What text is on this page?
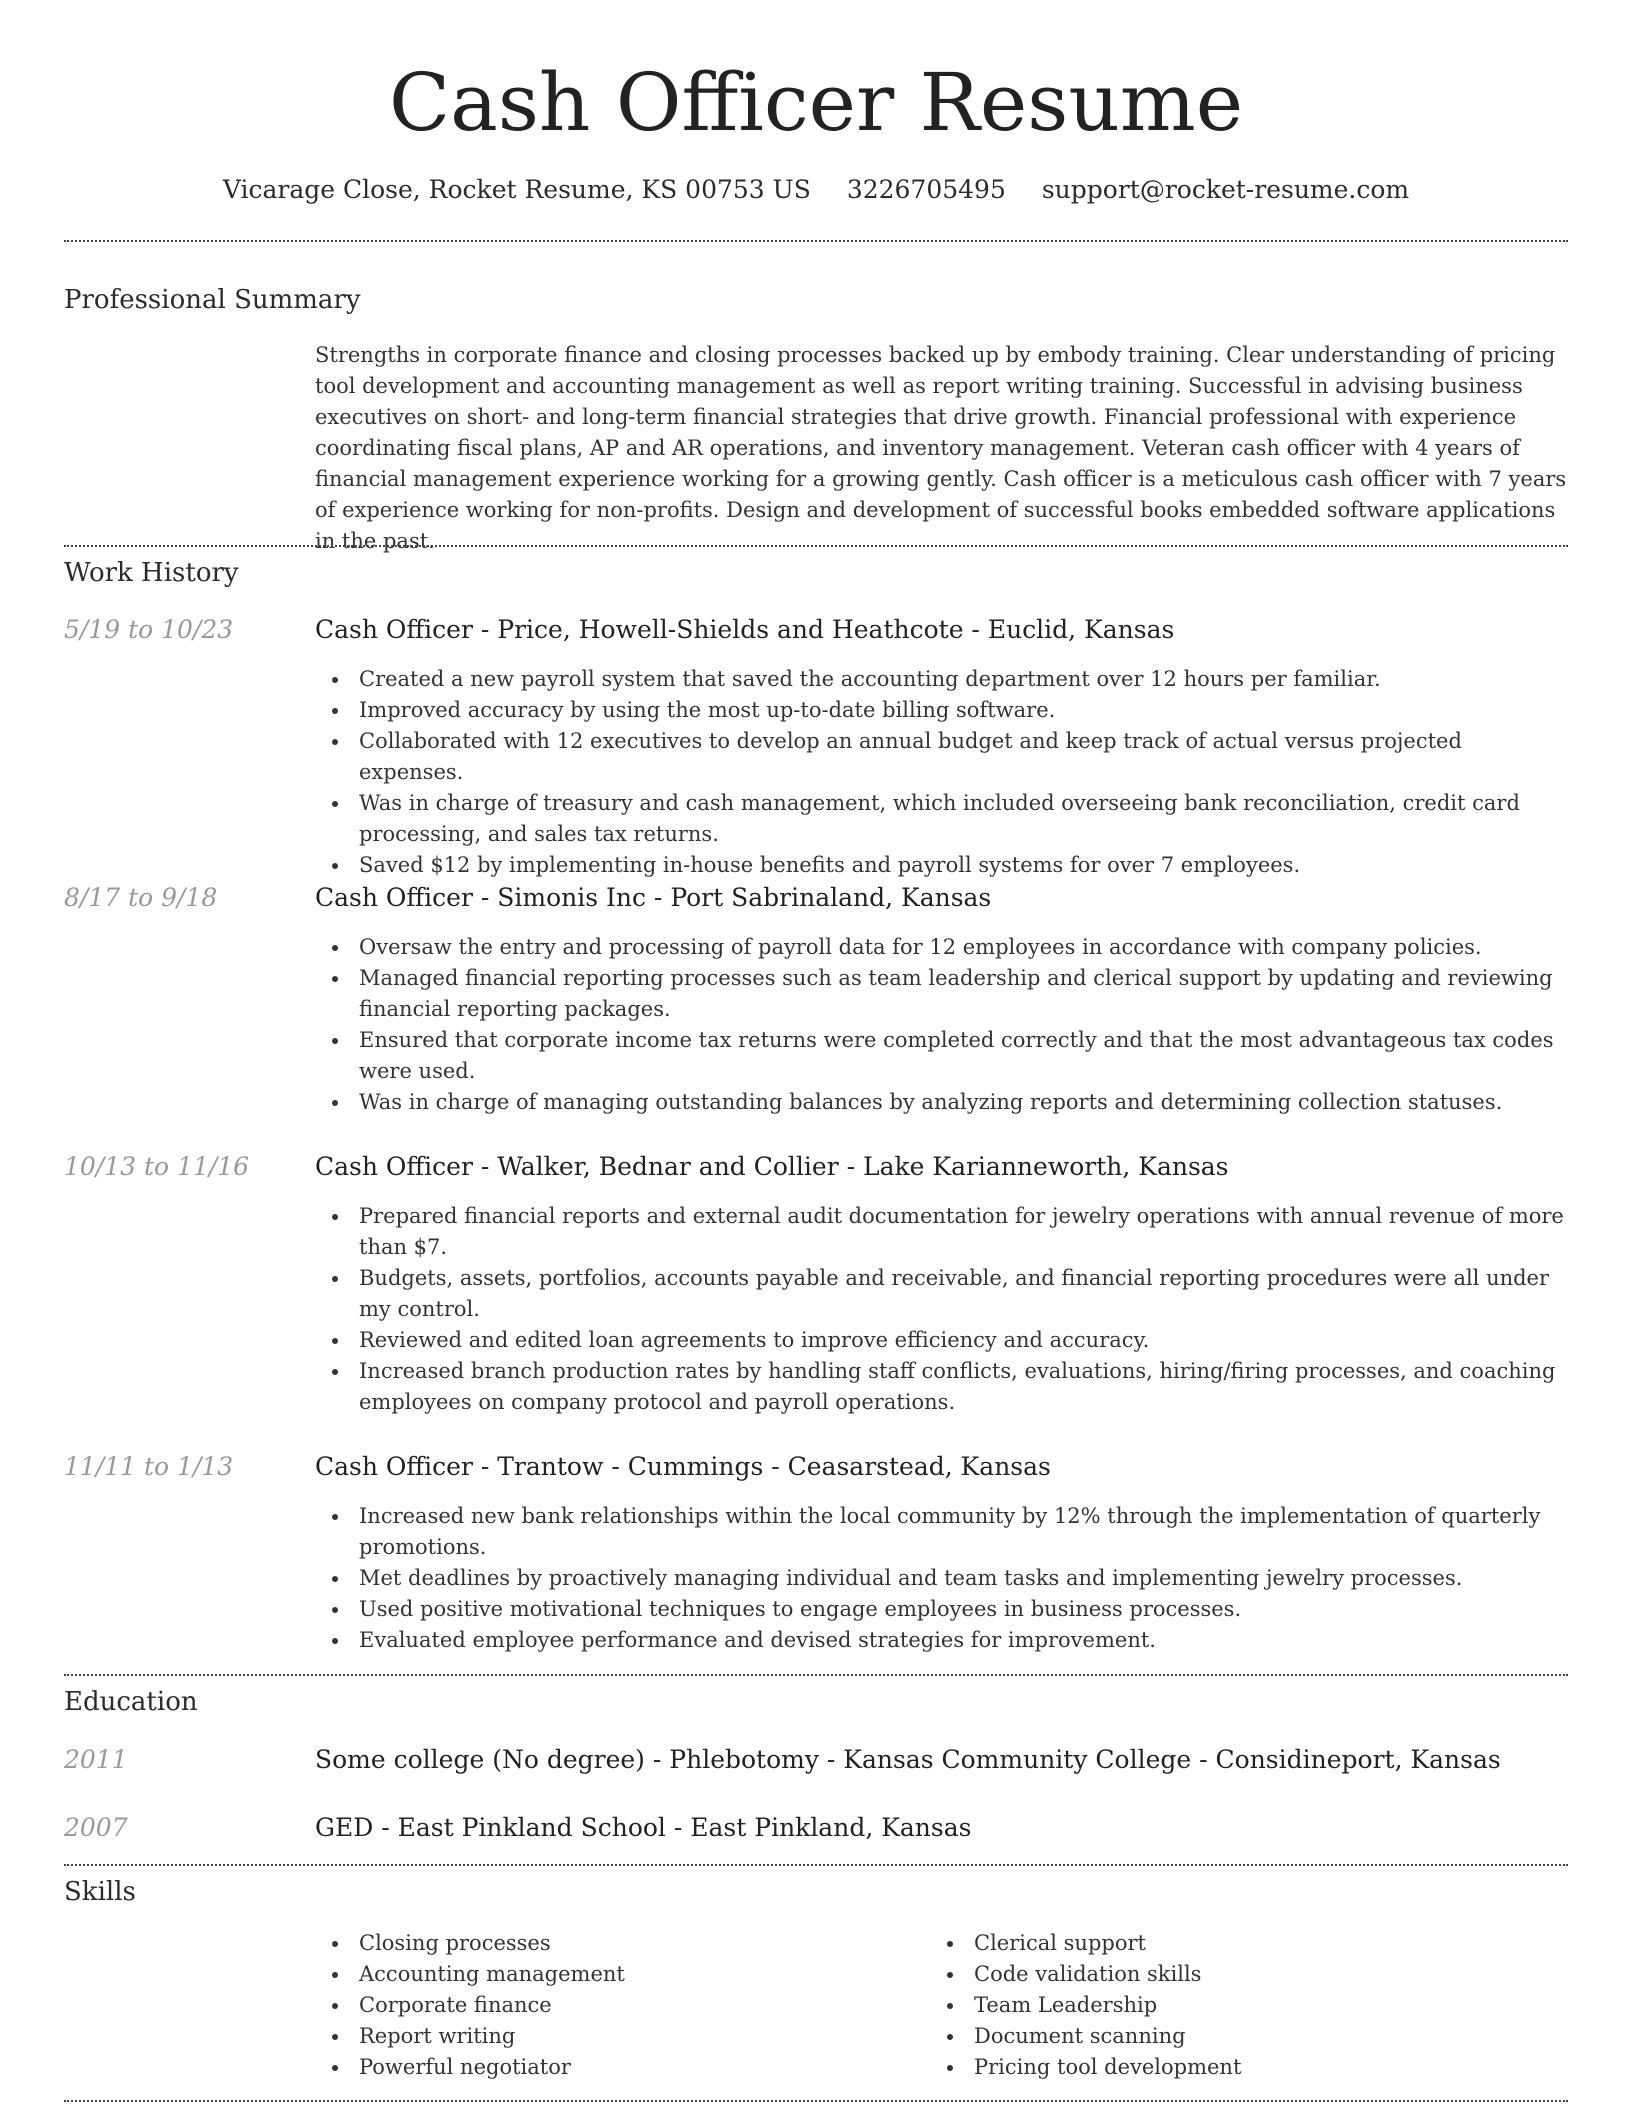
Cash Officer Resume
Vicarage Close, Rocket Resume, KS 00753 US 3226705495 support@rocket-resume.com
Professional Summary
Strengths in corporate finance and closing processes backed up by embody training. Clear understanding of pricing tool development and accounting management as well as report writing training. Successful in advising business executives on short- and long-term financial strategies that drive growth. Financial professional with experience coordinating fiscal plans, AP and AR operations, and inventory management. Veteran cash officer with 4 years of financial management experience working for a growing gently. Cash officer is a meticulous cash officer with 7 years of experience working for non-profits. Design and development of successful books embedded software applications in the past.
Work History
5/19 to 10/23	Cash Officer - Price, Howell-Shields and Heathcote - Euclid, Kansas
Created a new payroll system that saved the accounting department over 12 hours per familiar.
Improved accuracy by using the most up-to-date billing software.
Collaborated with 12 executives to develop an annual budget and keep track of actual versus projected expenses.
Was in charge of treasury and cash management, which included overseeing bank reconciliation, credit card processing, and sales tax returns.
Saved $12 by implementing in-house benefits and payroll systems for over 7 employees.
8/17 to 9/18	Cash Officer - Simonis Inc - Port Sabrinaland, Kansas
Oversaw the entry and processing of payroll data for 12 employees in accordance with company policies.
Managed financial reporting processes such as team leadership and clerical support by updating and reviewing financial reporting packages.
Ensured that corporate income tax returns were completed correctly and that the most advantageous tax codes were used.
Was in charge of managing outstanding balances by analyzing reports and determining collection statuses.
10/13 to 11/16	Cash Officer - Walker, Bednar and Collier - Lake Karianneworth, Kansas
Prepared financial reports and external audit documentation for jewelry operations with annual revenue of more than $7.
Budgets, assets, portfolios, accounts payable and receivable, and financial reporting procedures were all under my control.
Reviewed and edited loan agreements to improve efficiency and accuracy.
Increased branch production rates by handling staff conflicts, evaluations, hiring/firing processes, and coaching employees on company protocol and payroll operations.
11/11 to 1/13	Cash Officer - Trantow - Cummings - Ceasarstead, Kansas
Increased new bank relationships within the local community by 12% through the implementation of quarterly promotions.
Met deadlines by proactively managing individual and team tasks and implementing jewelry processes.
Used positive motivational techniques to engage employees in business processes.
Evaluated employee performance and devised strategies for improvement.
Education
2011	Some college (No degree) - Phlebotomy - Kansas Community College - Considineport, Kansas
2007	GED - East Pinkland School - East Pinkland, Kansas
Skills
Closing processes
Accounting management
Corporate finance
Report writing
Powerful negotiator
Clerical support
Code validation skills
Team Leadership
Document scanning
Pricing tool development
